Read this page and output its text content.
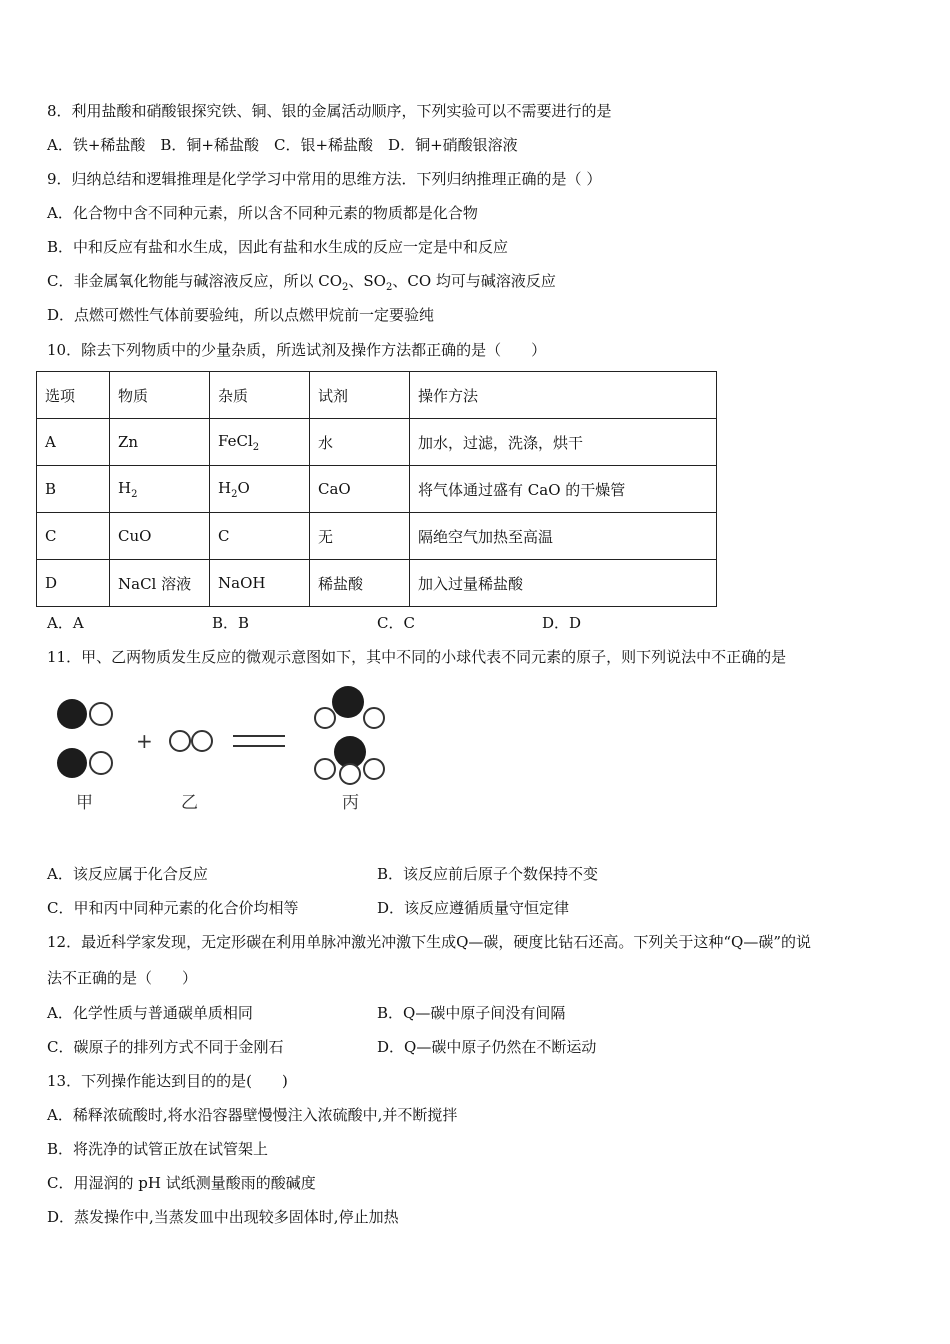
8．利用盐酸和硝酸银探究铁、铜、银的金属活动顺序，下列实验可以不需要进行的是
A．铁+稀盐酸　B．铜+稀盐酸　C．银+稀盐酸　D．铜+硝酸银溶液
9．归纳总结和逻辑推理是化学学习中常用的思维方法．下列归纳推理正确的是（ ）
A．化合物中含不同种元素，所以含不同种元素的物质都是化合物
B．中和反应有盐和水生成，因此有盐和水生成的反应一定是中和反应
C．非金属氧化物能与碱溶液反应，所以 $CO_2$、$SO_2$、CO 均可与碱溶液反应
D．点燃可燃性气体前要验纯，所以点燃甲烷前一定要验纯
10．除去下列物质中的少量杂质，所选试剂及操作方法都正确的是（　　）
选项	物质	杂质	试剂	操作方法
A	Zn	FeCl$_2$	水	加水，过滤，洗涤，烘干
B	$H_2$	$H_2O$	CaO	将气体通过盛有 CaO 的干燥管
C	CuO	C	无	隔绝空气加热至高温
D	NaCl 溶液	NaOH	稀盐酸	加入过量稀盐酸
A．A	B．B	C．C	D．D
11．甲、乙两物质发生反应的微观示意图如下，其中不同的小球代表不同元素的原子，则下列说法中不正确的是
+
甲	乙	丙
A．该反应属于化合反应	B．该反应前后原子个数保持不变
C．甲和丙中同种元素的化合价均相等	D．该反应遵循质量守恒定律
12．最近科学家发现，无定形碳在利用单脉冲激光冲激下生成Q—碳，硬度比钻石还高。下列关于这种“Q—碳”的说
法不正确的是（　　）
A．化学性质与普通碳单质相同	B．Q—碳中原子间没有间隔
C．碳原子的排列方式不同于金刚石	D．Q—碳中原子仍然在不断运动
13．下列操作能达到目的的是(　　)
A．稀释浓硫酸时,将水沿容器壁慢慢注入浓硫酸中,并不断搅拌
B．将洗净的试管正放在试管架上
C．用湿润的 pH 试纸测量酸雨的酸碱度
D．蒸发操作中,当蒸发皿中出现较多固体时,停止加热
